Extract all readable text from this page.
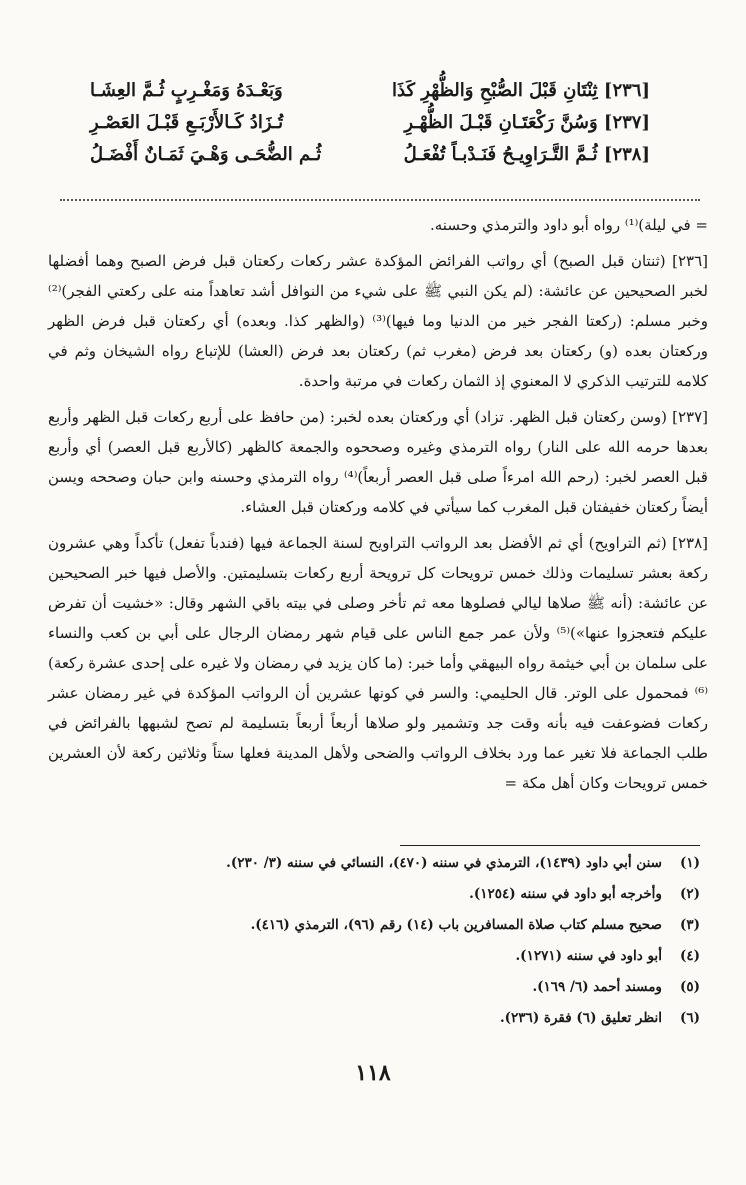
[٢٣٦] ثِنْتَانِ قَبْلَ الصُّبْحِ وَالظُّهْرِ كَذَا
وَبَعْـدَهُ وَمَغْـرِبٍ ثُـمَّ العِشَـا
[٢٣٧] وَسُنَّ رَكْعَتَـانِ قَبْـلَ الظُّهْـرِ
تُـزَادُ كَـالأَرْبَـعِ قَبْـلَ العَصْـرِ
[٢٣٨] ثُـمَّ التَّـرَاوِيـحُ فَنَـدْبـاً تُفْعَـلُ
ثُـم الضُّحَـى وَهْـيَ ثَمَـانٌ أَفْضَـلُ

= في ليلة)⁽¹⁾ رواه أبو داود والترمذي وحسنه.

[٢٣٦] (ثنتان قبل الصبح) أي رواتب الفرائض المؤكدة عشر ركعات ركعتان قبل فرض الصبح وهما أفضلها لخبر الصحيحين عن عائشة: (لم يكن النبي ﷺ على شيء من النوافل أشد تعاهداً منه على ركعتي الفجر)⁽²⁾ وخبر مسلم: (ركعتا الفجر خير من الدنيا وما فيها)⁽³⁾ (والظهر كذا. وبعده) أي ركعتان قبل فرض الظهر وركعتان بعده (و) ركعتان بعد فرض (مغرب ثم) ركعتان بعد فرض (العشا) للإتباع رواه الشيخان وثم في كلامه للترتيب الذكري لا المعنوي إذ الثمان ركعات في مرتبة واحدة.

[٢٣٧] (وسن ركعتان قبل الظهر. تزاد) أي وركعتان بعده لخبر: (من حافظ على أربع ركعات قبل الظهر وأربع بعدها حرمه الله على النار) رواه الترمذي وغيره وصححوه والجمعة كالظهر (كالأربع قبل العصر) أي وأربع قبل العصر لخبر: (رحم الله امرءاً صلى قبل العصر أربعاً)⁽⁴⁾ رواه الترمذي وحسنه وابن حبان وصححه ويسن أيضاً ركعتان خفيفتان قبل المغرب كما سيأتي في كلامه وركعتان قبل العشاء.

[٢٣٨] (ثم التراويح) أي ثم الأفضل بعد الرواتب التراويح لسنة الجماعة فيها (فندباً تفعل) تأكداً وهي عشرون ركعة بعشر تسليمات وذلك خمس ترويحات كل ترويحة أربع ركعات بتسليمتين. والأصل فيها خبر الصحيحين عن عائشة: (أنه ﷺ صلاها ليالي فصلوها معه ثم تأخر وصلى في بيته باقي الشهر وقال: «خشيت أن تفرض عليكم فتعجزوا عنها»)⁽⁵⁾ ولأن عمر جمع الناس على قيام شهر رمضان الرجال على أبي بن كعب والنساء على سلمان بن أبي خيثمة رواه البيهقي وأما خبر: (ما كان يزيد في رمضان ولا غيره على إحدى عشرة ركعة)⁽⁶⁾ فمحمول على الوتر. قال الحليمي: والسر في كونها عشرين أن الرواتب المؤكدة في غير رمضان عشر ركعات فضوعفت فيه بأنه وقت جد وتشمير ولو صلاها أربعاً أربعاً بتسليمة لم تصح لشبهها بالفرائض في طلب الجماعة فلا تغير عما ورد بخلاف الرواتب والضحى ولأهل المدينة فعلها ستاً وثلاثين ركعة لأن العشرين خمس ترويحات وكان أهل مكة =

(١)
سنن أبي داود (١٤٣٩)، الترمذي في سننه (٤٧٠)، النسائي في سننه (٣/ ٢٣٠).
(٢)
وأخرجه أبو داود في سننه (١٢٥٤).
(٣)
صحيح مسلم كتاب صلاة المسافرين باب (١٤) رقم (٩٦)، الترمذي (٤١٦).
(٤)
أبو داود في سننه (١٢٧١).
(٥)
ومسند أحمد (٦/ ١٦٩).
(٦)
انظر تعليق (٦) فقرة (٢٣٦).
١١٨
